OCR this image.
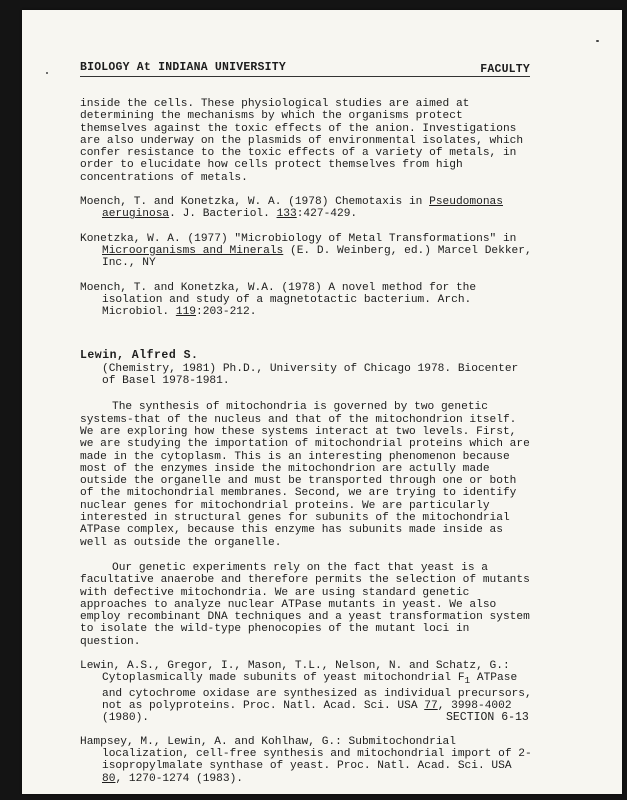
BIOLOGY At INDIANA UNIVERSITY	FACULTY

inside the cells. These physiological studies are aimed at determining the mechanisms by which the organisms protect themselves against the toxic effects of the anion. Investigations are also underway on the plasmids of environmental isolates, which confer resistance to the toxic effects of a variety of metals, in order to elucidate how cells protect themselves from high concentrations of metals.

Moench, T. and Konetzka, W. A. (1978) Chemotaxis in Pseudomonas aeruginosa. J. Bacteriol. 133:427-429.

Konetzka, W. A. (1977) "Microbiology of Metal Transformations" in Microorganisms and Minerals (E. D. Weinberg, ed.) Marcel Dekker, Inc., NY

Moench, T. and Konetzka, W.A. (1978) A novel method for the isolation and study of a magnetotactic bacterium. Arch. Microbiol. 119:203-212.

Lewin, Alfred S.

(Chemistry, 1981) Ph.D., University of Chicago 1978. Biocenter of Basel 1978-1981.

The synthesis of mitochondria is governed by two genetic systems-that of the nucleus and that of the mitochondrion itself. We are exploring how these systems interact at two levels. First, we are studying the importation of mitochondrial proteins which are made in the cytoplasm. This is an interesting phenomenon because most of the enzymes inside the mitochondrion are actully made outside the organelle and must be transported through one or both of the mitochondrial membranes. Second, we are trying to identify nuclear genes for mitochondrial proteins. We are particularly interested in structural genes for subunits of the mitochondrial ATPase complex, because this enzyme has subunits made inside as well as outside the organelle.

Our genetic experiments rely on the fact that yeast is a facultative anaerobe and therefore permits the selection of mutants with defective mitochondria. We are using standard genetic approaches to analyze nuclear ATPase mutants in yeast. We also employ recombinant DNA techniques and a yeast transformation system to isolate the wild-type phenocopies of the mutant loci in question.

Lewin, A.S., Gregor, I., Mason, T.L., Nelson, N. and Schatz, G.: Cytoplasmically made subunits of yeast mitochondrial $F_1$ ATPase and cytochrome oxidase are synthesized as individual precursors, not as polyproteins. Proc. Natl. Acad. Sci. USA 77, 3998-4002 (1980).

Hampsey, M., Lewin, A. and Kohlhaw, G.: Submitochondrial localization, cell-free synthesis and mitochondrial import of 2-isopropylmalate synthase of yeast. Proc. Natl. Acad. Sci. USA 80, 1270-1274 (1983).

SECTION 6-13
